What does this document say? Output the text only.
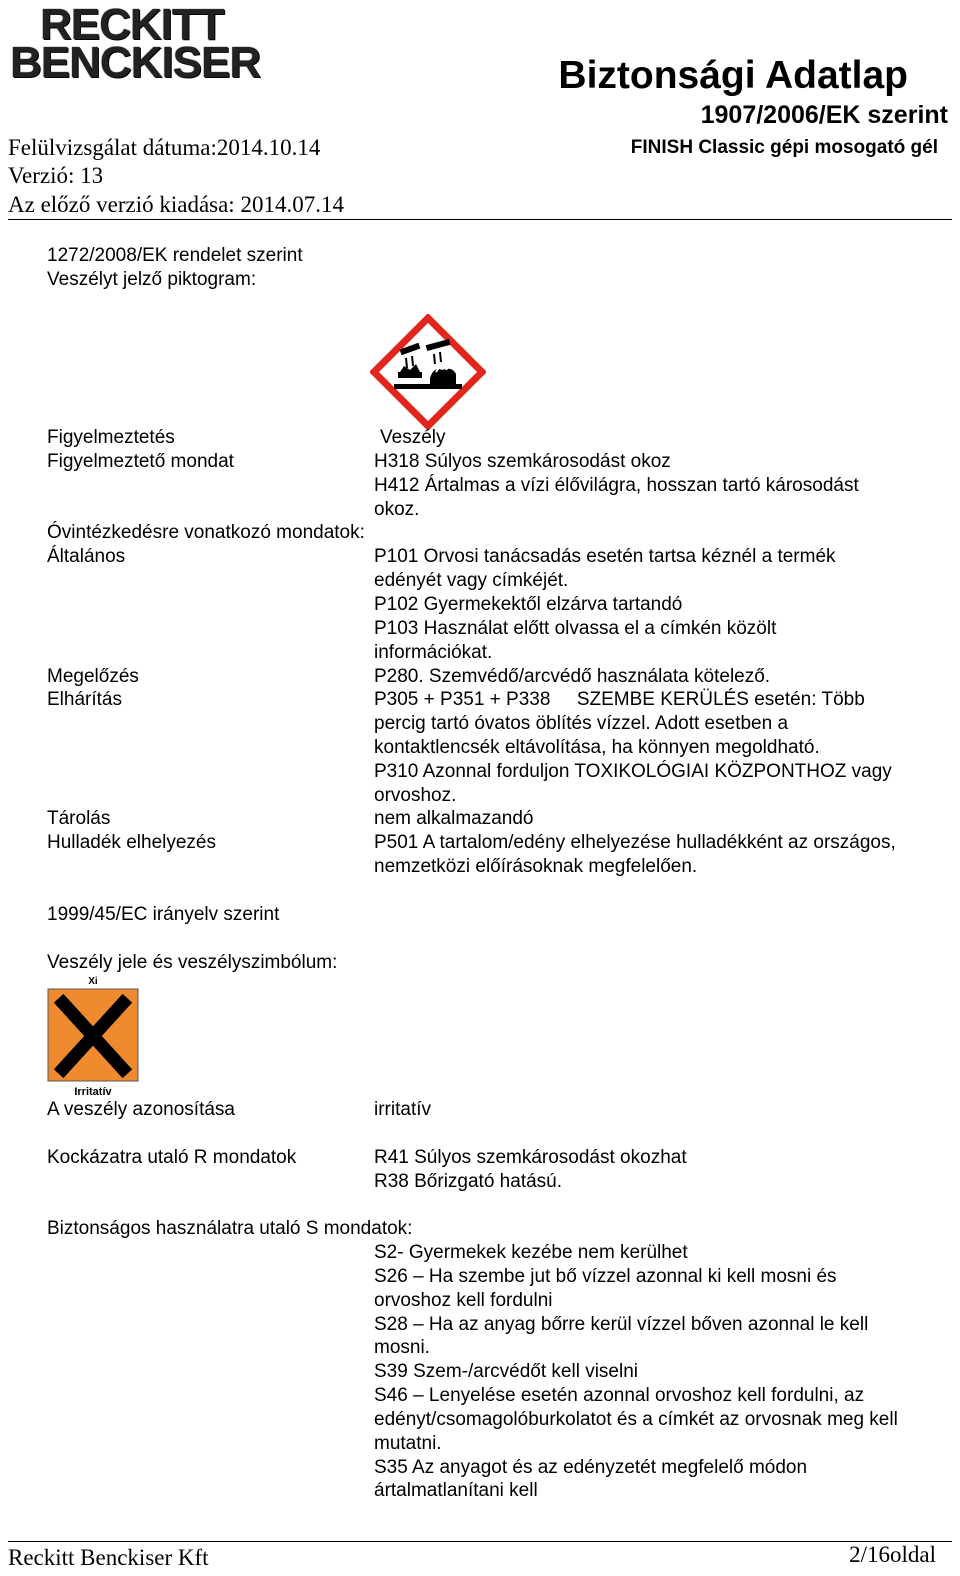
RECKITT
BENCKISER	Biztonsági Adatlap
1907/2006/EK szerint
FINISH Classic gépi mosogató gél
Felülvizsgálat dátuma:2014.10.14
Verzió: 13
Az előző verzió kiadása: 2014.07.14
1272/2008/EK rendelet szerint
Veszélyt jelző piktogram:
Figyelmeztetés	Veszély
Figyelmeztető mondat	H318 Súlyos szemkárosodást okoz
H412 Ártalmas a vízi élővilágra, hosszan tartó károsodást
okoz.
Óvintézkedésre vonatkozó mondatok:
Általános	P101 Orvosi tanácsadás esetén tartsa kéznél a termék
edényét vagy címkéjét.
P102 Gyermekektől elzárva tartandó
P103 Használat előtt olvassa el a címkén közölt
információkat.
Megelőzés	P280. Szemvédő/arcvédő használata kötelező.
Elhárítás	P305 + P351 + P338     SZEMBE KERÜLÉS esetén: Több
percig tartó óvatos öblítés vízzel. Adott esetben a
kontaktlencsék eltávolítása, ha könnyen megoldható.
P310 Azonnal forduljon TOXIKOLÓGIAI KÖZPONTHOZ vagy
orvoshoz.
Tárolás	nem alkalmazandó
Hulladék elhelyezés	P501 A tartalom/edény elhelyezése hulladékként az országos,
nemzetközi előírásoknak megfelelően.
1999/45/EC irányelv szerint
Veszély jele és veszélyszimbólum:
Xi
Irritatív
A veszély azonosítása	irritatív
Kockázatra utaló R mondatok	R41 Súlyos szemkárosodást okozhat
R38 Bőrizgató hatású.
Biztonságos használatra utaló S mondatok:
S2- Gyermekek kezébe nem kerülhet
S26 – Ha szembe jut bő vízzel azonnal ki kell mosni és
orvoshoz kell fordulni
S28 – Ha az anyag bőrre kerül vízzel bőven azonnal le kell
mosni.
S39 Szem-/arcvédőt kell viselni
S46 – Lenyelése esetén azonnal orvoshoz kell fordulni, az
edényt/csomagolóburkolatot és a címkét az orvosnak meg kell
mutatni.
S35 Az anyagot és az edényzetét megfelelő módon
ártalmatlanítani kell
Reckitt Benckiser Kft	2/16oldal
